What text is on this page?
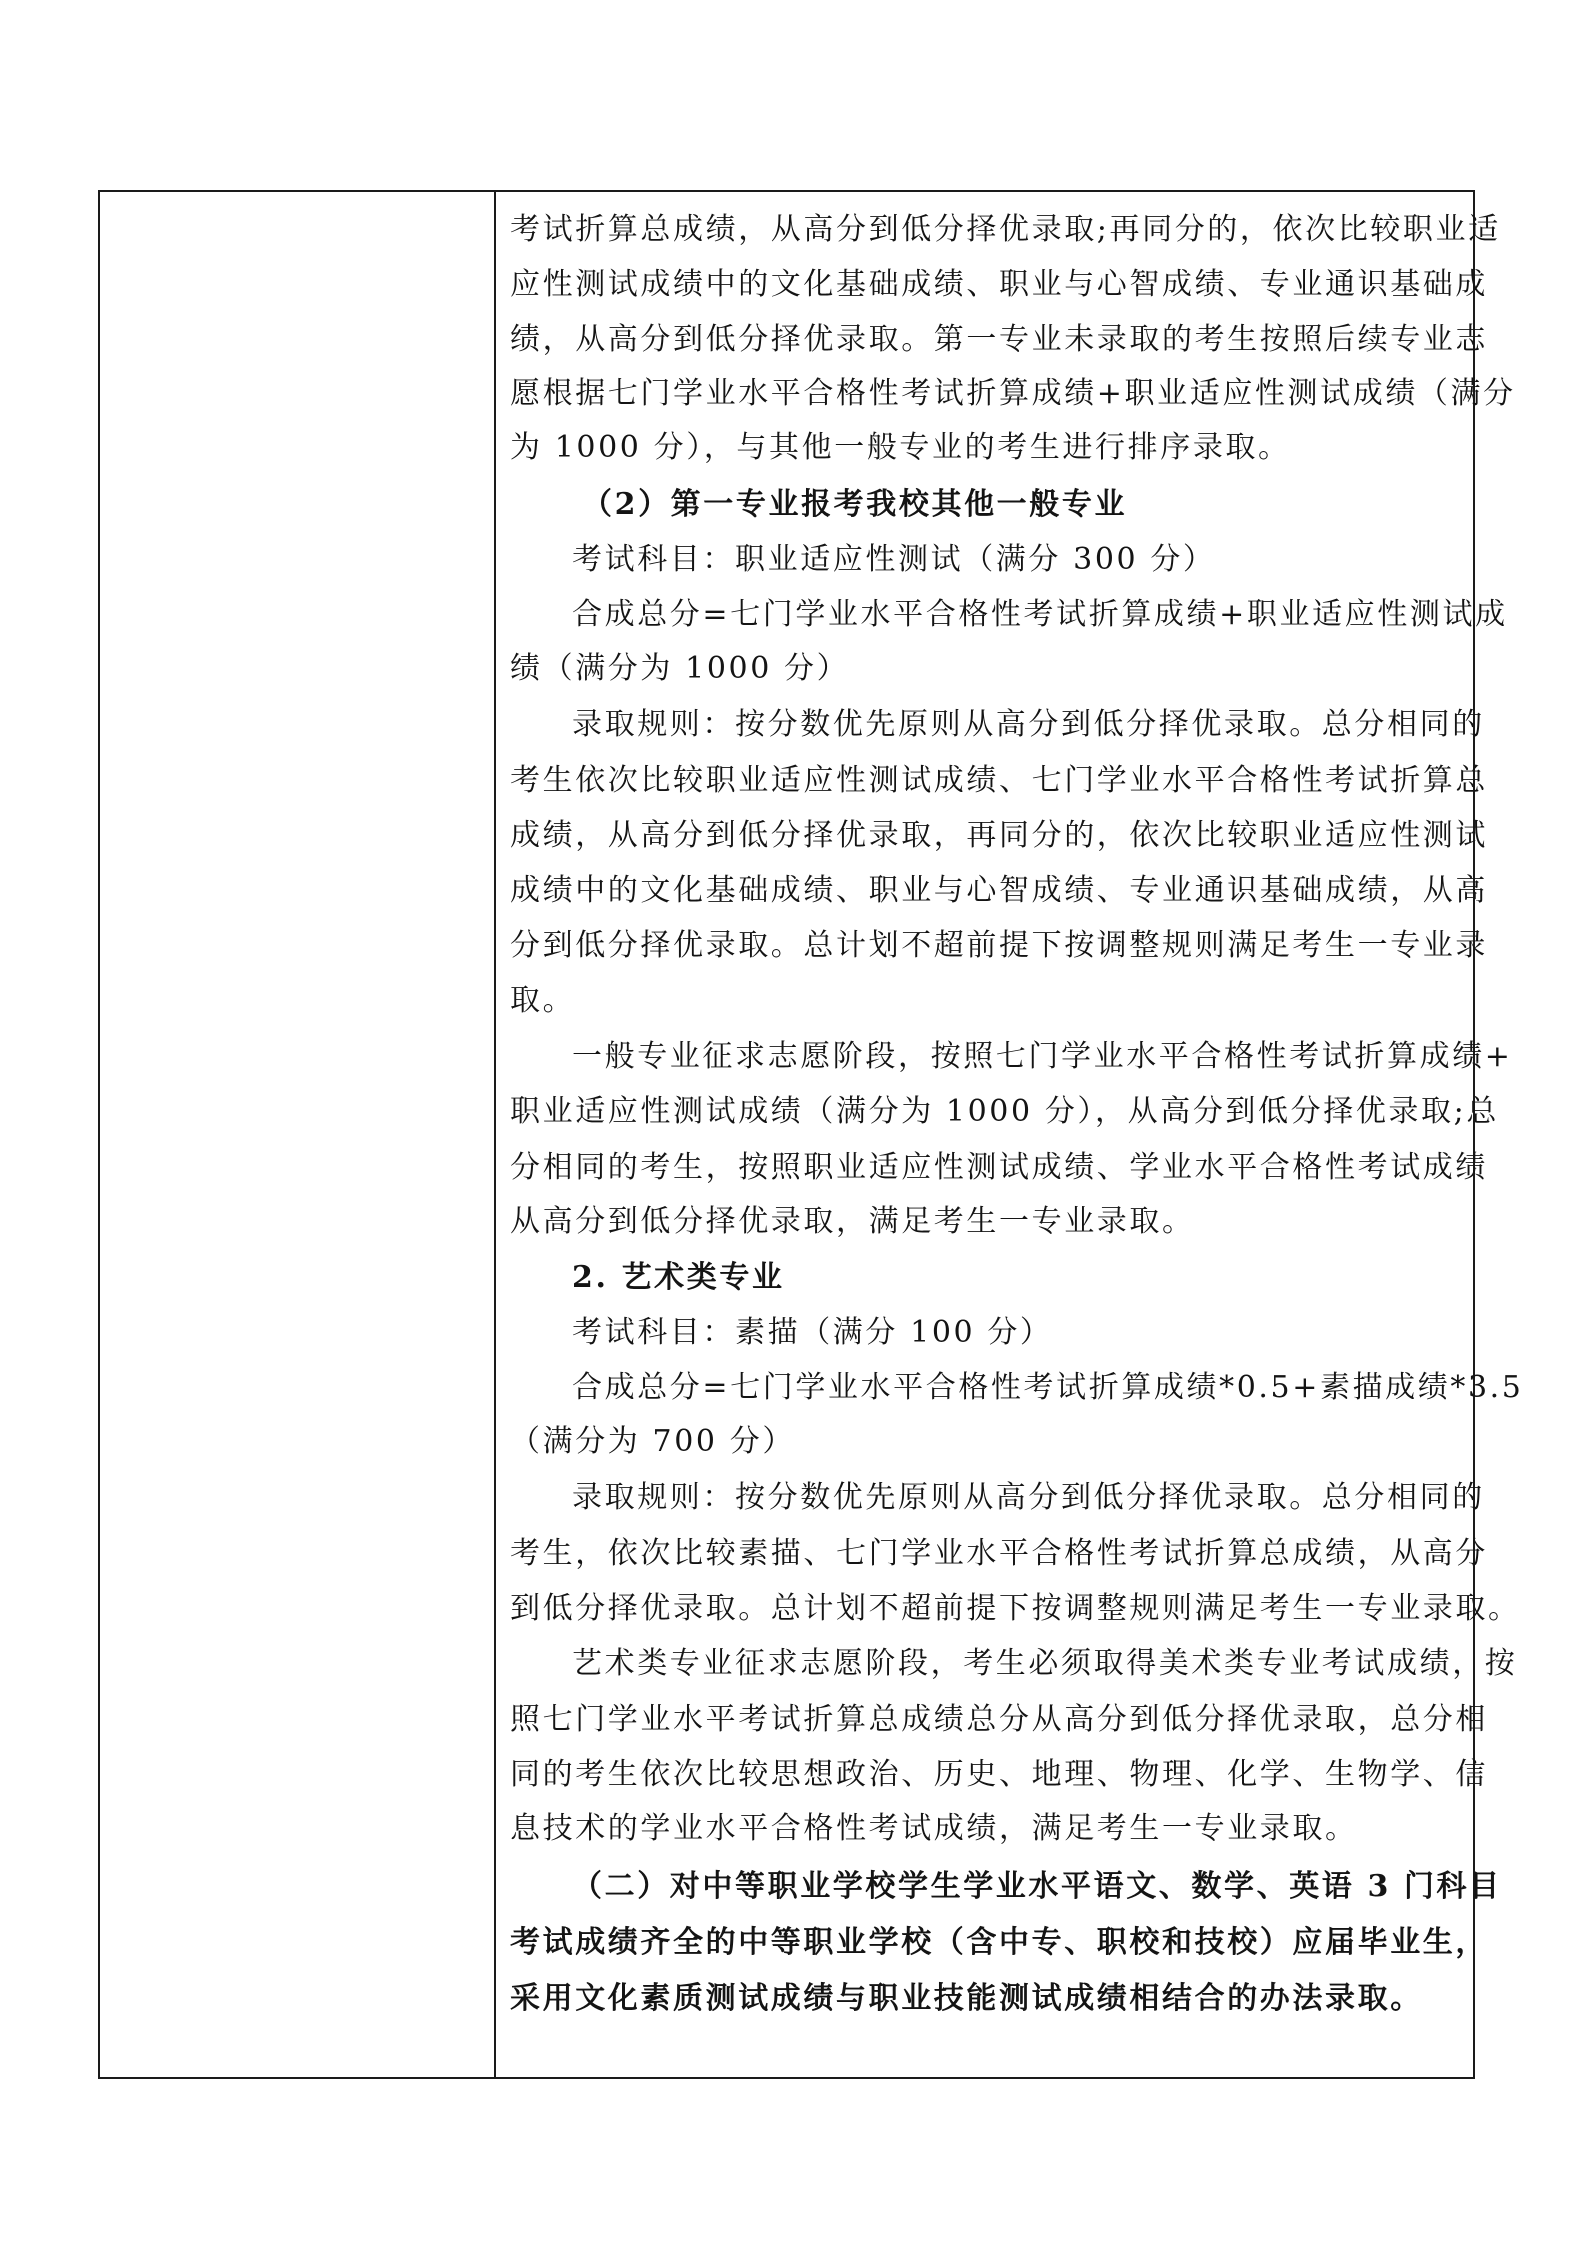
考试折算总成绩，从高分到低分择优录取;再同分的，依次比较职业适
应性测试成绩中的文化基础成绩、职业与心智成绩、专业通识基础成
绩，从高分到低分择优录取。第一专业未录取的考生按照后续专业志
愿根据七门学业水平合格性考试折算成绩+职业适应性测试成绩（满分
为 1000 分），与其他一般专业的考生进行排序录取。
（2）第一专业报考我校其他一般专业
考试科目：职业适应性测试（满分 300 分）
合成总分=七门学业水平合格性考试折算成绩+职业适应性测试成
绩（满分为 1000 分）
录取规则：按分数优先原则从高分到低分择优录取。总分相同的
考生依次比较职业适应性测试成绩、七门学业水平合格性考试折算总
成绩，从高分到低分择优录取，再同分的，依次比较职业适应性测试
成绩中的文化基础成绩、职业与心智成绩、专业通识基础成绩，从高
分到低分择优录取。总计划不超前提下按调整规则满足考生一专业录
取。
一般专业征求志愿阶段，按照七门学业水平合格性考试折算成绩+
职业适应性测试成绩（满分为 1000 分），从高分到低分择优录取;总
分相同的考生，按照职业适应性测试成绩、学业水平合格性考试成绩
从高分到低分择优录取，满足考生一专业录取。
2. 艺术类专业
考试科目：素描（满分 100 分）
合成总分=七门学业水平合格性考试折算成绩*0.5+素描成绩*3.5
（满分为 700 分）
录取规则：按分数优先原则从高分到低分择优录取。总分相同的
考生，依次比较素描、七门学业水平合格性考试折算总成绩，从高分
到低分择优录取。总计划不超前提下按调整规则满足考生一专业录取。
艺术类专业征求志愿阶段，考生必须取得美术类专业考试成绩，按
照七门学业水平考试折算总成绩总分从高分到低分择优录取，总分相
同的考生依次比较思想政治、历史、地理、物理、化学、生物学、信
息技术的学业水平合格性考试成绩，满足考生一专业录取。
（二）对中等职业学校学生学业水平语文、数学、英语 3 门科目
考试成绩齐全的中等职业学校（含中专、职校和技校）应届毕业生，
采用文化素质测试成绩与职业技能测试成绩相结合的办法录取。
